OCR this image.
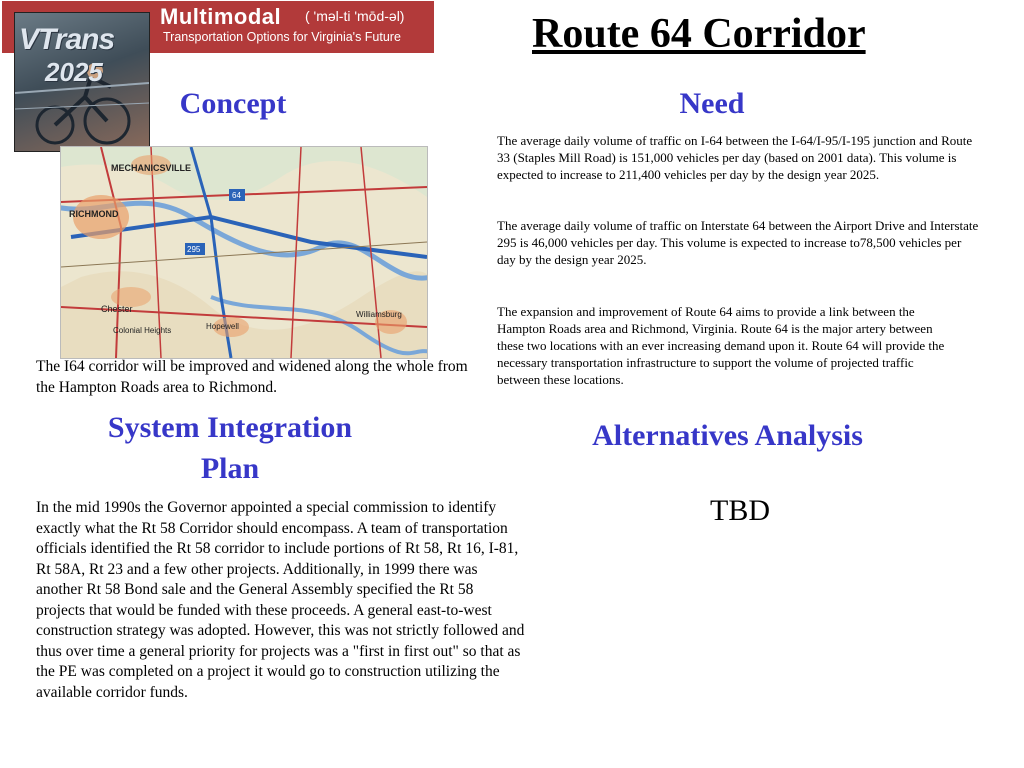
Multimodal ( 'məl-ti 'mōd-əl)
Transportation Options for Virginia's Future
VTrans
2025
Route 64 Corridor
Concept
MECHANICSVILLE
RICHMOND
Chester
Colonial Heights	Hopewell
Williamsburg
64
295
The I64 corridor will be improved and widened along the whole from the Hampton Roads area to Richmond.
Need
The average daily volume of traffic on I-64 between the I-64/I-95/I-195 junction and Route 33 (Staples Mill Road) is 151,000 vehicles per day (based on 2001 data). This volume is expected to increase to 211,400 vehicles per day by the design year 2025.
The average daily volume of traffic on Interstate 64 between the Airport Drive and Interstate 295 is 46,000 vehicles per day. This volume is expected to increase to78,500 vehicles per day by the design year 2025.
The expansion and improvement of Route 64 aims to provide a link between the Hampton Roads area and Richmond, Virginia. Route 64 is the major artery between these two locations with an ever increasing demand upon it. Route 64 will provide the necessary transportation infrastructure to support the volume of projected traffic between these locations.
System Integration
Plan
In the mid 1990s the Governor appointed a special commission to identify exactly what the Rt 58 Corridor should encompass. A team of transportation officials identified the Rt 58 corridor to include portions of Rt 58, Rt 16, I-81, Rt 58A, Rt 23 and a few other projects. Additionally, in 1999 there was another Rt 58 Bond sale and the General Assembly specified the Rt 58 projects that would be funded with these proceeds. A general east-to-west construction strategy was adopted. However, this was not strictly followed and thus over time a general priority for projects was a "first in first out" so that as the PE was completed on a project it would go to construction utilizing the available corridor funds.
Alternatives Analysis
TBD
